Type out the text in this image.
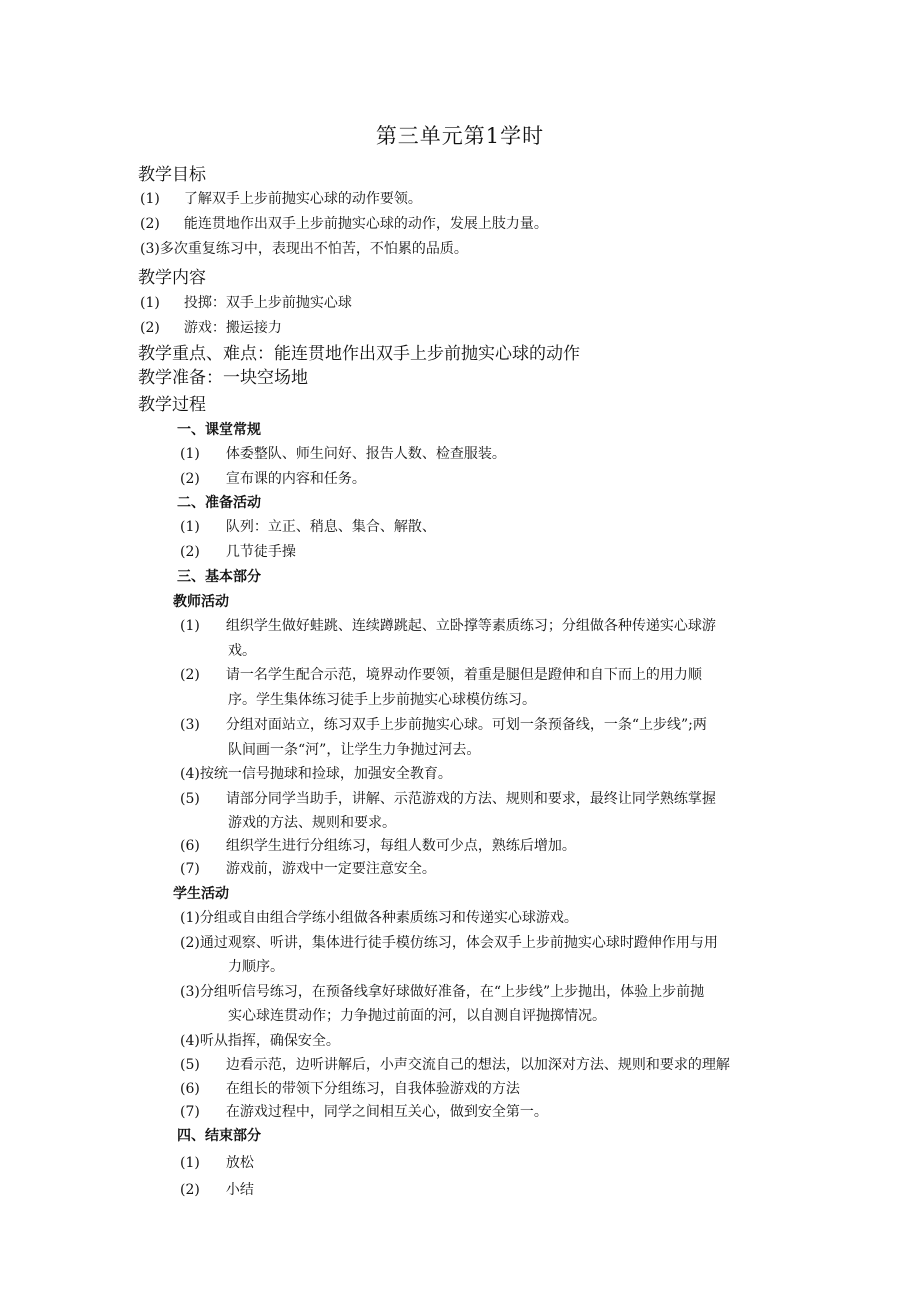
第三单元第1学时
教学目标
(1) 了解双手上步前抛实心球的动作要领。
(2) 能连贯地作出双手上步前抛实心球的动作，发展上肢力量。
(3)多次重复练习中，表现出不怕苦，不怕累的品质。
教学内容
(1) 投掷：双手上步前抛实心球
(2) 游戏：搬运接力
教学重点、难点：能连贯地作出双手上步前抛实心球的动作
教学准备：一块空场地
教学过程
一、课堂常规
(1) 体委整队、师生问好、报告人数、检查服装。
(2) 宣布课的内容和任务。
二、准备活动
(1) 队列：立正、稍息、集合、解散、
(2) 几节徒手操
三、基本部分
教师活动
(1) 组织学生做好蛙跳、连续蹲跳起、立卧撑等素质练习；分组做各种传递实心球游
戏。
(2) 请一名学生配合示范，境界动作要领，着重是腿但是蹬伸和自下而上的用力顺
序。学生集体练习徒手上步前抛实心球模仿练习。
(3) 分组对面站立，练习双手上步前抛实心球。可划一条预备线，一条“上步线”;两
队间画一条“河”，让学生力争抛过河去。
(4)按统一信号抛球和捡球，加强安全教育。
(5) 请部分同学当助手，讲解、示范游戏的方法、规则和要求，最终让同学熟练掌握
游戏的方法、规则和要求。
(6) 组织学生进行分组练习，每组人数可少点，熟练后增加。
(7) 游戏前，游戏中一定要注意安全。
学生活动
(1)分组或自由组合学练小组做各种素质练习和传递实心球游戏。
(2)通过观察、听讲，集体进行徒手模仿练习，体会双手上步前抛实心球时蹬伸作用与用
力顺序。
(3)分组听信号练习，在预备线拿好球做好准备，在“上步线”上步抛出，体验上步前抛
实心球连贯动作；力争抛过前面的河，以自测自评抛掷情况。
(4)听从指挥，确保安全。
(5) 边看示范，边听讲解后，小声交流自己的想法，以加深对方法、规则和要求的理解
(6) 在组长的带领下分组练习，自我体验游戏的方法
(7) 在游戏过程中，同学之间相互关心，做到安全第一。
四、结束部分
(1) 放松
(2) 小结
